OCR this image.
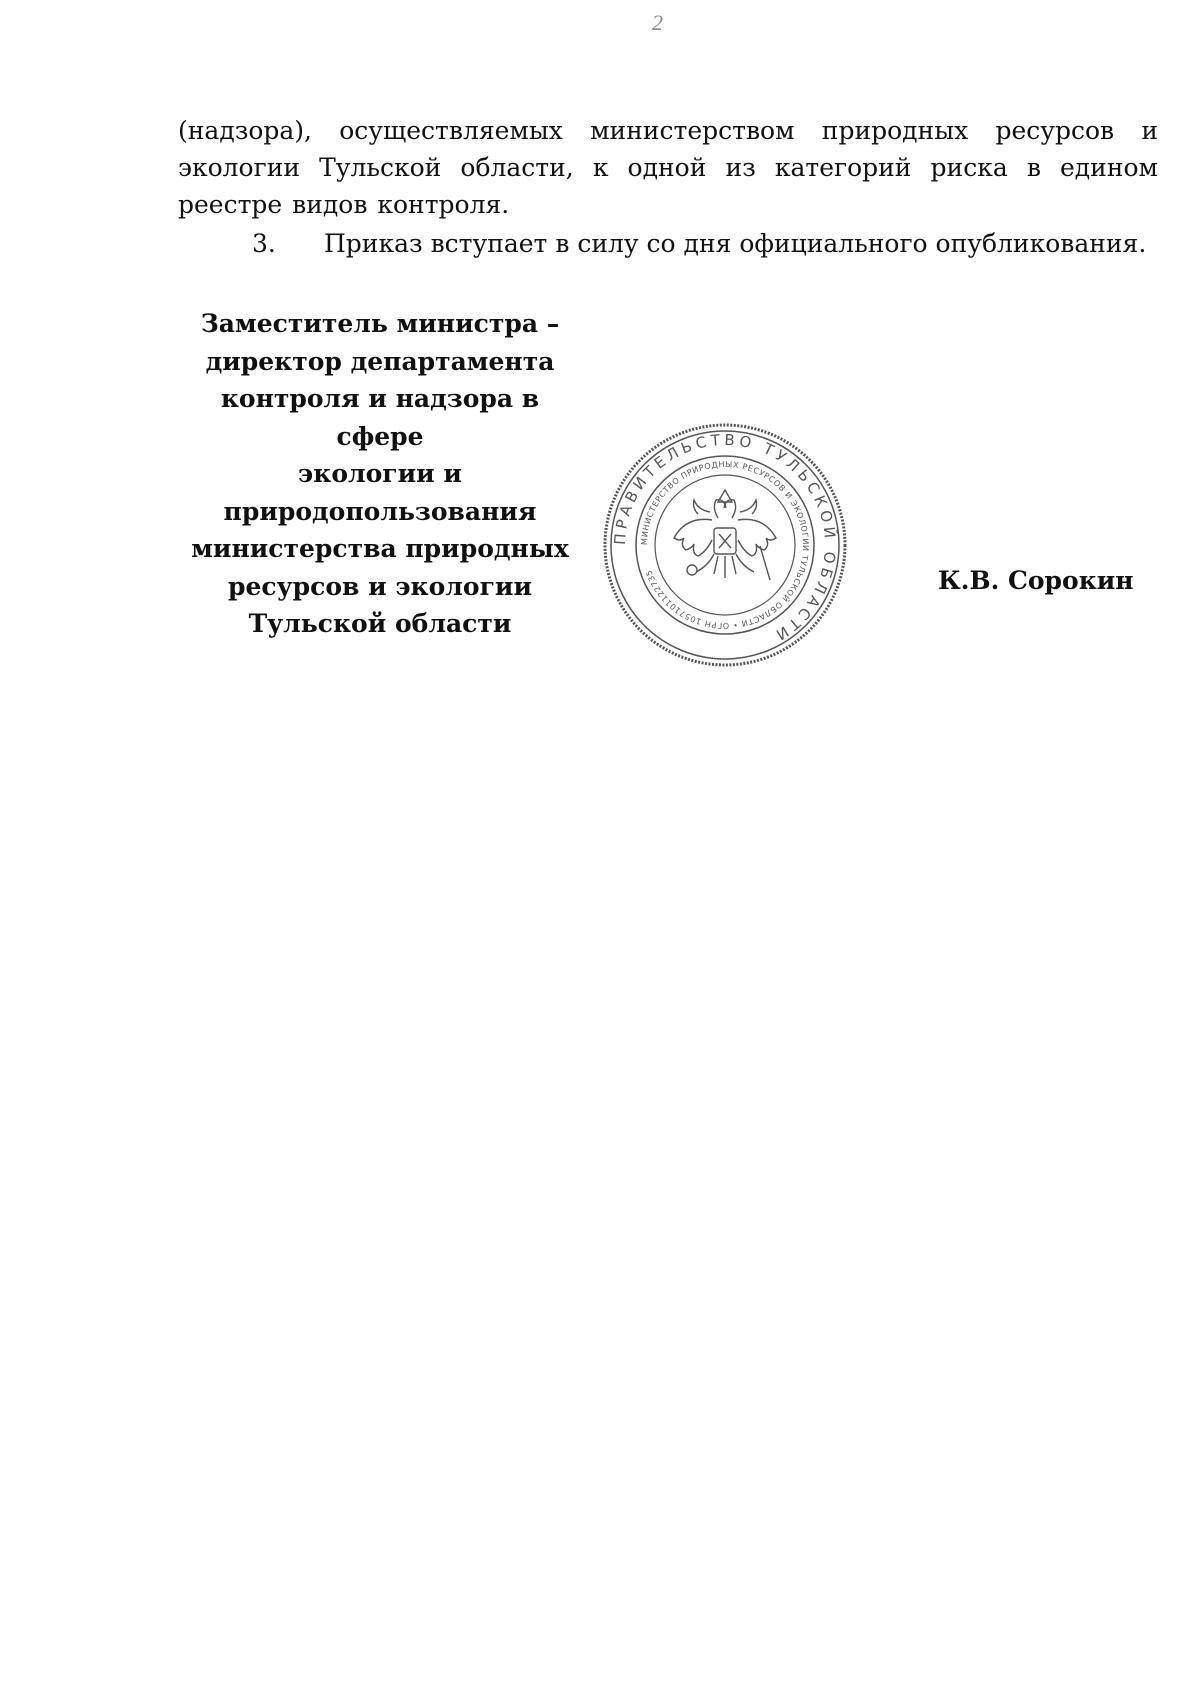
2

(надзора), осуществляемых министерством природных ресурсов и экологии Тульской области, к одной из категорий риска в едином реестре видов контроля.

3.	Приказ вступает в силу со дня официального опубликования.
Заместитель министра –
директор департамента
контроля и надзора в сфере
экологии и
природопользования
министерства природных
ресурсов и экологии
Тульской области
ПРАВИТЕЛЬСТВО ТУЛЬСКОЙ ОБЛАСТИ
МИНИСТЕРСТВО ПРИРОДНЫХ РЕСУРСОВ И ЭКОЛОГИИ ТУЛЬСКОЙ ОБЛАСТИ • ОГРН 1057101122735	К.В. Сорокин
